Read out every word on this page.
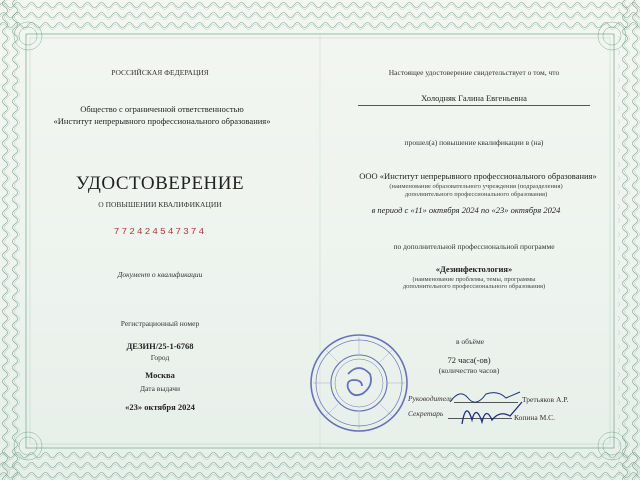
РОССИЙСКАЯ ФЕДЕРАЦИЯ
Общество с ограниченной ответственностью
«Институт непрерывного профессионального образования»
УДОСТОВЕРЕНИЕ
О ПОВЫШЕНИИ КВАЛИФИКАЦИИ
772424547374
Документ о квалификации
Регистрационный номер
ДЕЗИН/25-1-6768
Город
Москва
Дата выдачи
«23» октября 2024
Настоящее удостоверение свидетельствует о том, что
Холодняк Галина Евгеньевна
прошел(а) повышение квалификации в (на)
ООО «Институт непрерывного профессионального образования»
(наименование образовательного учреждения (подразделения)
дополнительного профессионального образования)
в период с «11» октября 2024 по «23» октября 2024
по дополнительной профессиональной программе
«Дезинфектология»
(наименование проблемы, темы, программы
дополнительного профессионального образования)
в объёме
72 часа(-ов)
(количество часов)
Руководитель	Третьяков А.Р.
Секретарь	Копина М.С.
